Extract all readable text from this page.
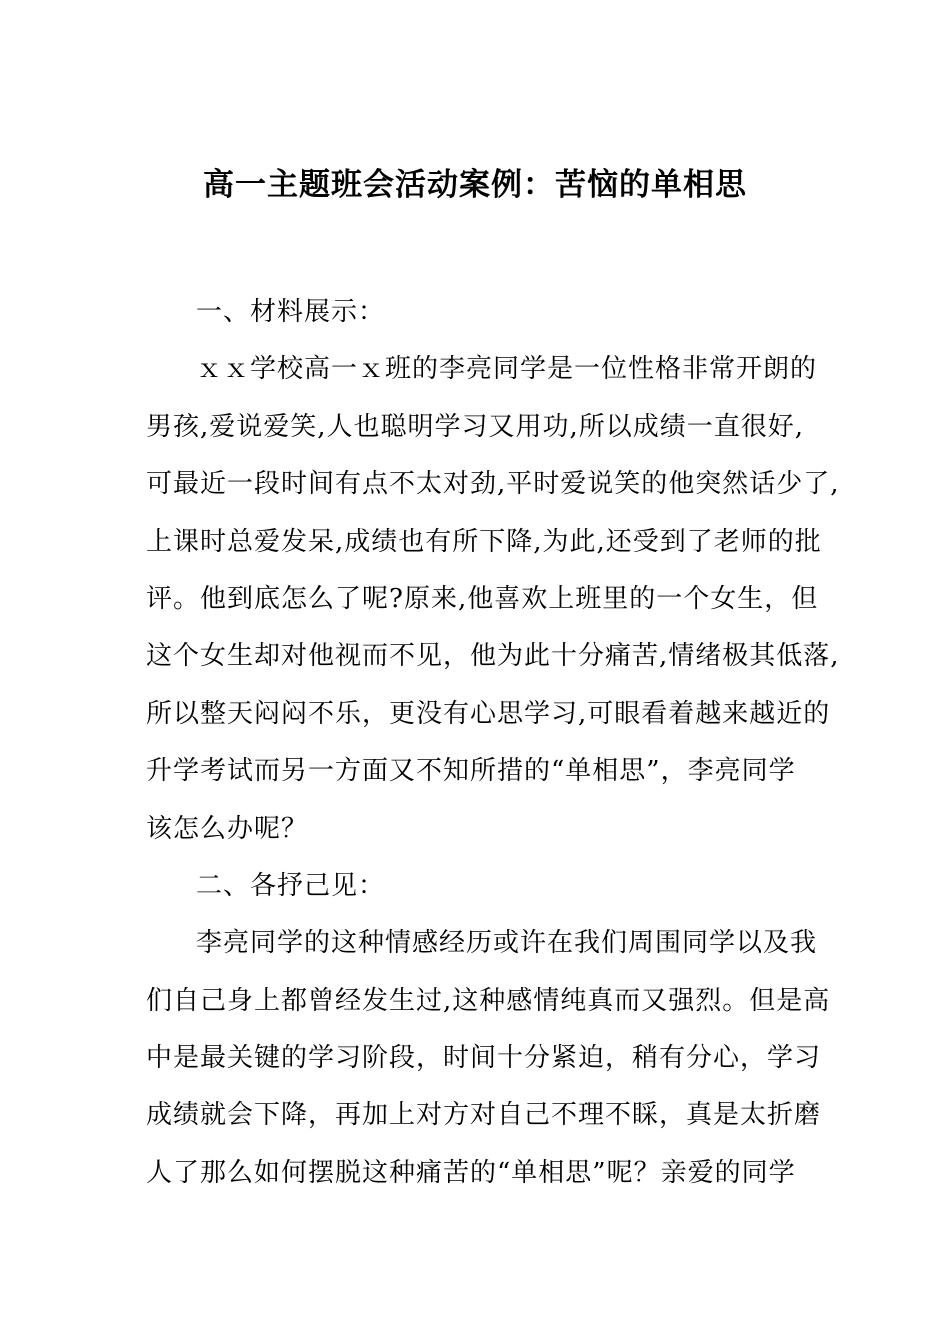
高一主题班会活动案例：苦恼的单相思
一、材料展示：
ｘｘ学校高一ｘ班的李亮同学是一位性格非常开朗的
男孩,爱说爱笑,人也聪明学习又用功,所以成绩一直很好,
可最近一段时间有点不太对劲,平时爱说笑的他突然话少了,
上课时总爱发呆,成绩也有所下降,为此,还受到了老师的批
评。他到底怎么了呢?原来,他喜欢上班里的一个女生，但
这个女生却对他视而不见，他为此十分痛苦,情绪极其低落,
所以整天闷闷不乐，更没有心思学习,可眼看着越来越近的
升学考试而另一方面又不知所措的“单相思”，李亮同学
该怎么办呢？
二、各抒己见：
李亮同学的这种情感经历或许在我们周围同学以及我
们自己身上都曾经发生过,这种感情纯真而又强烈。但是高
中是最关键的学习阶段，时间十分紧迫，稍有分心，学习
成绩就会下降，再加上对方对自己不理不睬，真是太折磨
人了那么如何摆脱这种痛苦的“单相思”呢？亲爱的同学
